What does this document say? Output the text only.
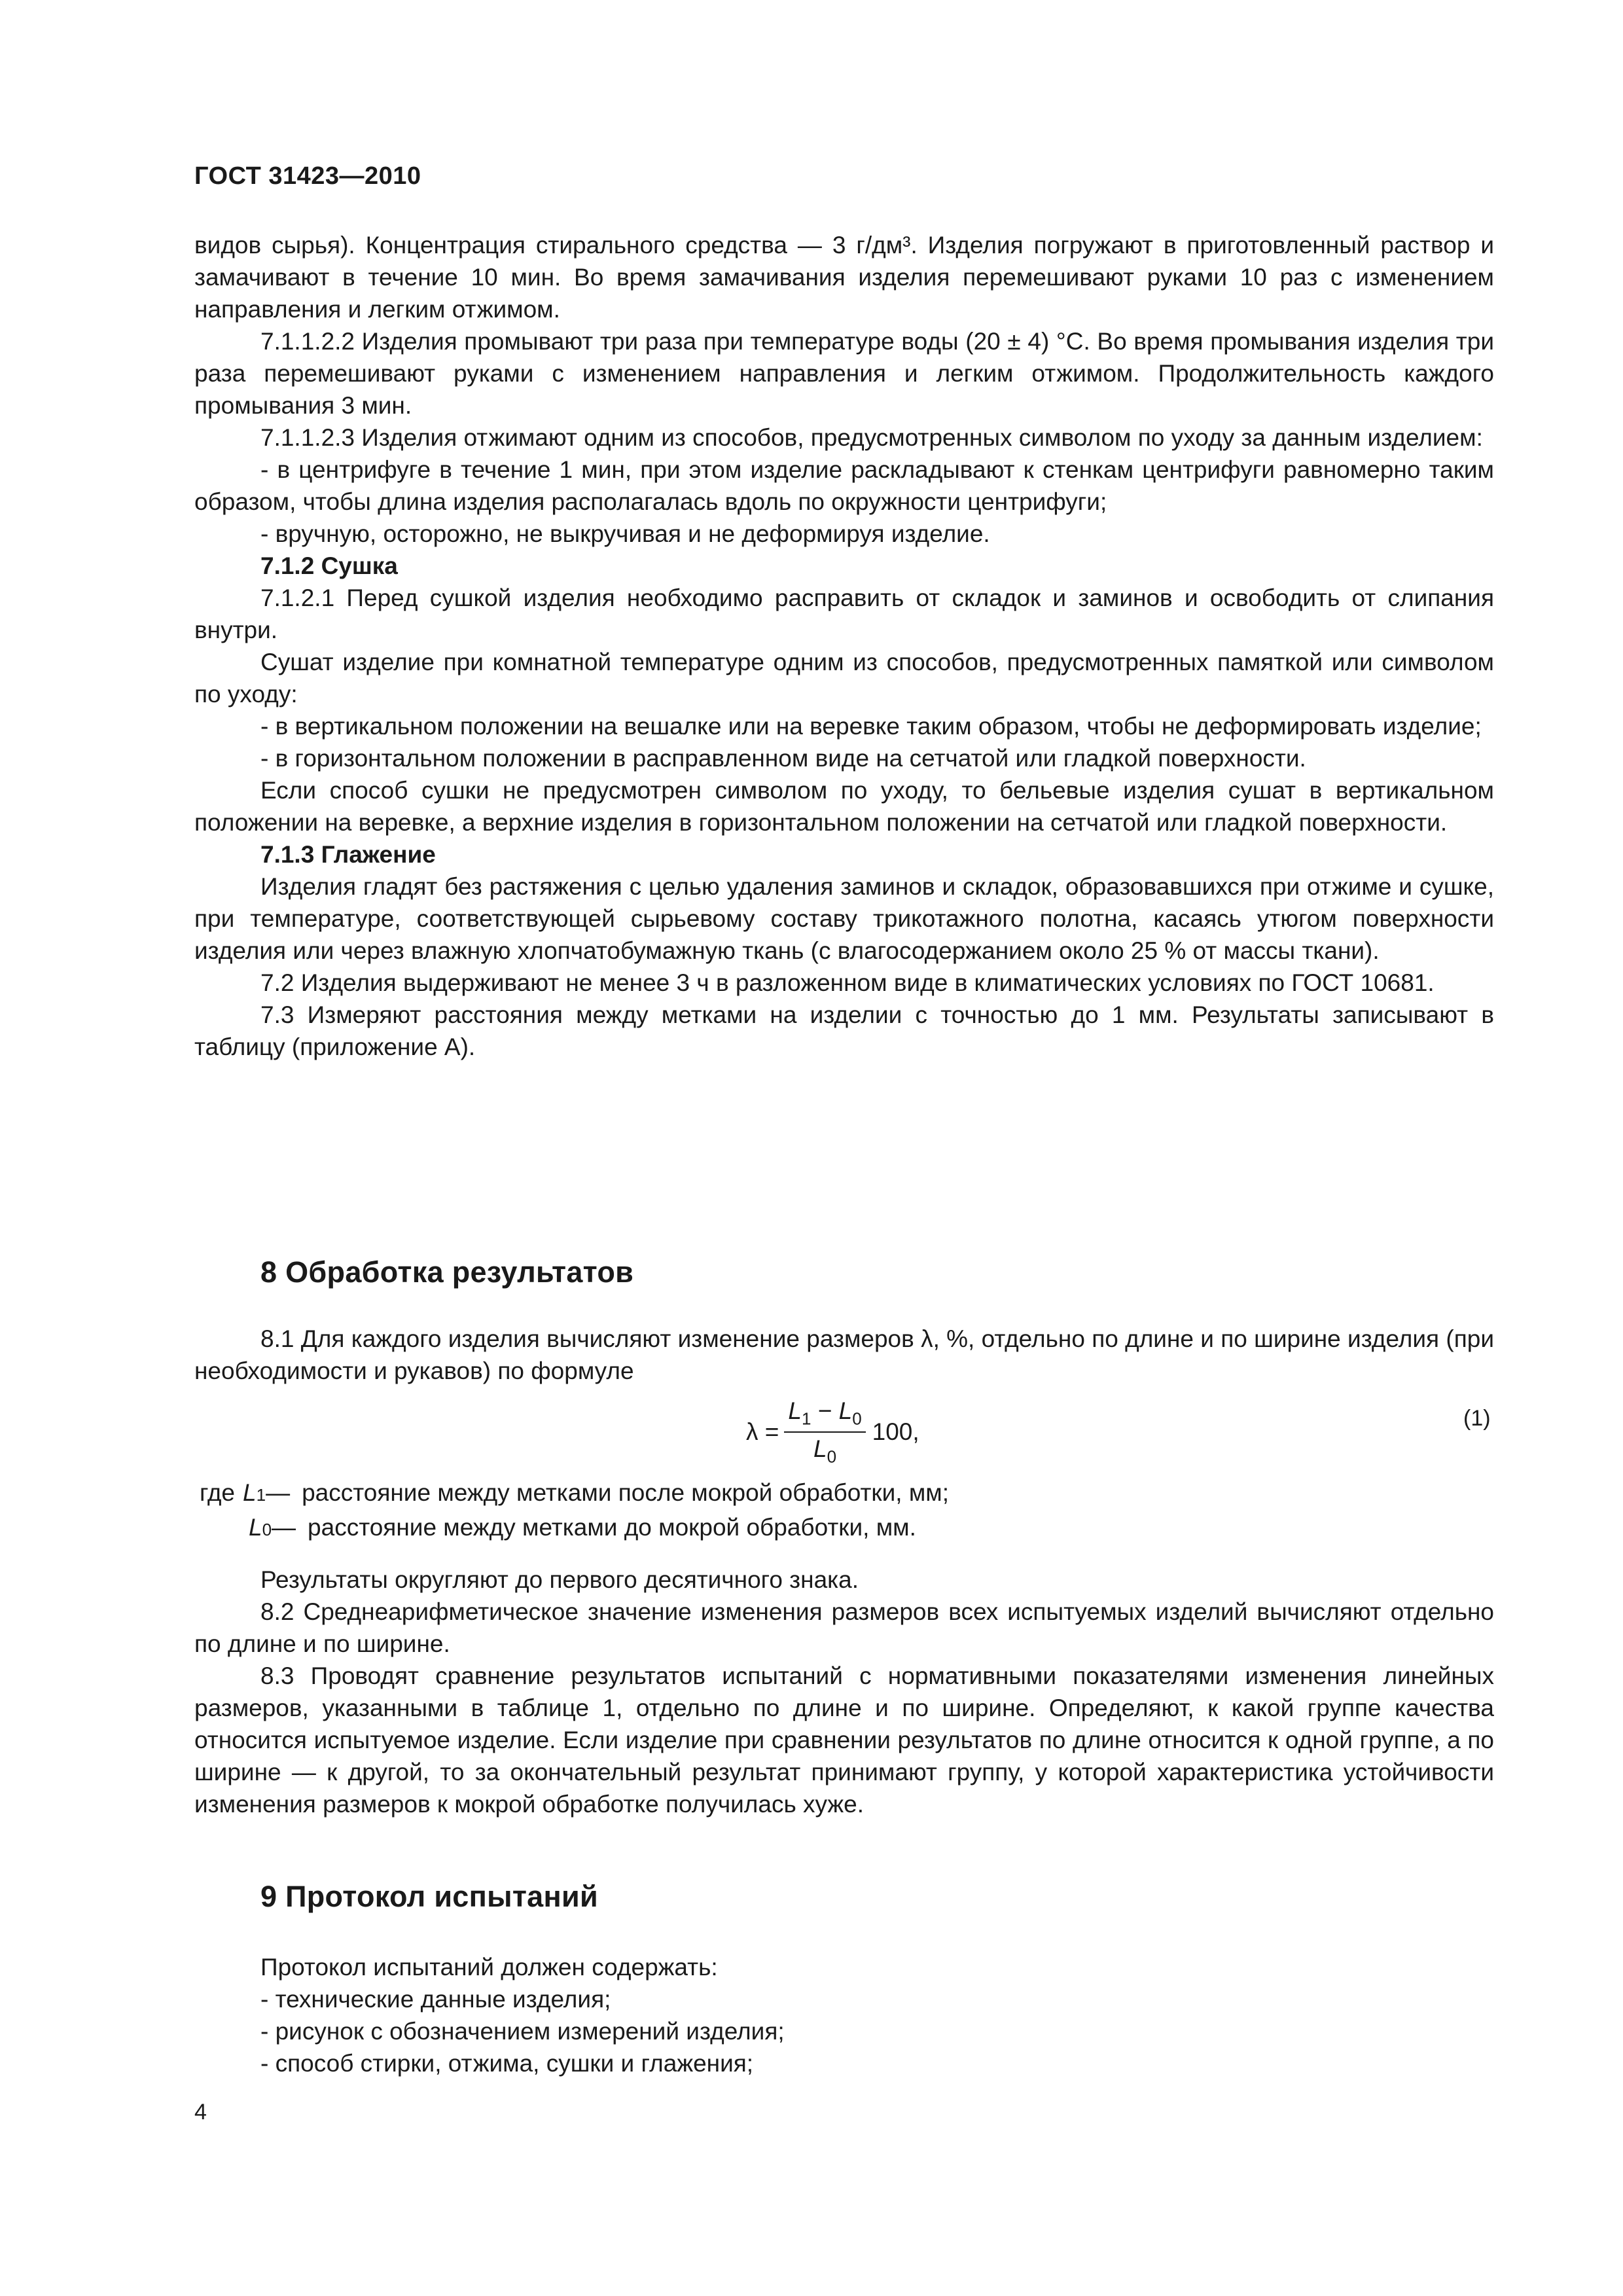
ГОСТ 31423—2010

видов сырья). Концентрация стирального средства — 3 г/дм³. Изделия погружают в приготовленный раствор и замачивают в течение 10 мин. Во время замачивания изделия перемешивают руками 10 раз с изменением направления и легким отжимом.

7.1.1.2.2 Изделия промывают три раза при температуре воды (20 ± 4) °С. Во время промывания изделия три раза перемешивают руками с изменением направления и легким отжимом. Продолжительность каждого промывания 3 мин.

7.1.1.2.3 Изделия отжимают одним из способов, предусмотренных символом по уходу за данным изделием:

- в центрифуге в течение 1 мин, при этом изделие раскладывают к стенкам центрифуги равномерно таким образом, чтобы длина изделия располагалась вдоль по окружности центрифуги;

- вручную, осторожно, не выкручивая и не деформируя изделие.

7.1.2 Сушка

7.1.2.1 Перед сушкой изделия необходимо расправить от складок и заминов и освободить от слипания внутри.

Сушат изделие при комнатной температуре одним из способов, предусмотренных памяткой или символом по уходу:

- в вертикальном положении на вешалке или на веревке таким образом, чтобы не деформировать изделие;

- в горизонтальном положении в расправленном виде на сетчатой или гладкой поверхности.

Если способ сушки не предусмотрен символом по уходу, то бельевые изделия сушат в вертикальном положении на веревке, а верхние изделия в горизонтальном положении на сетчатой или гладкой поверхности.

7.1.3 Глажение

Изделия гладят без растяжения с целью удаления заминов и складок, образовавшихся при отжиме и сушке, при температуре, соответствующей сырьевому составу трикотажного полотна, касаясь утюгом поверхности изделия или через влажную хлопчатобумажную ткань (с влагосодержанием около 25 % от массы ткани).

7.2 Изделия выдерживают не менее 3 ч в разложенном виде в климатических условиях по ГОСТ 10681.

7.3 Измеряют расстояния между метками на изделии с точностью до 1 мм. Результаты записывают в таблицу (приложение А).

8 Обработка результатов

8.1 Для каждого изделия вычисляют изменение размеров λ, %, отдельно по длине и по ширине изделия (при необходимости и рукавов) по формуле

$\lambda = \frac{L_1 - L_0}{L_0} 100$,	(1)
где L 1 — расстояние между метками после мокрой обработки, мм;
L 0 — расстояние между метками до мокрой обработки, мм.

Результаты округляют до первого десятичного знака.

8.2 Среднеарифметическое значение изменения размеров всех испытуемых изделий вычисляют отдельно по длине и по ширине.

8.3 Проводят сравнение результатов испытаний с нормативными показателями изменения линейных размеров, указанными в таблице 1, отдельно по длине и по ширине. Определяют, к какой группе качества относится испытуемое изделие. Если изделие при сравнении результатов по длине относится к одной группе, а по ширине — к другой, то за окончательный результат принимают группу, у которой характеристика устойчивости изменения размеров к мокрой обработке получилась хуже.

9 Протокол испытаний

Протокол испытаний должен содержать:

- технические данные изделия;

- рисунок с обозначением измерений изделия;

- способ стирки, отжима, сушки и глажения;

4
